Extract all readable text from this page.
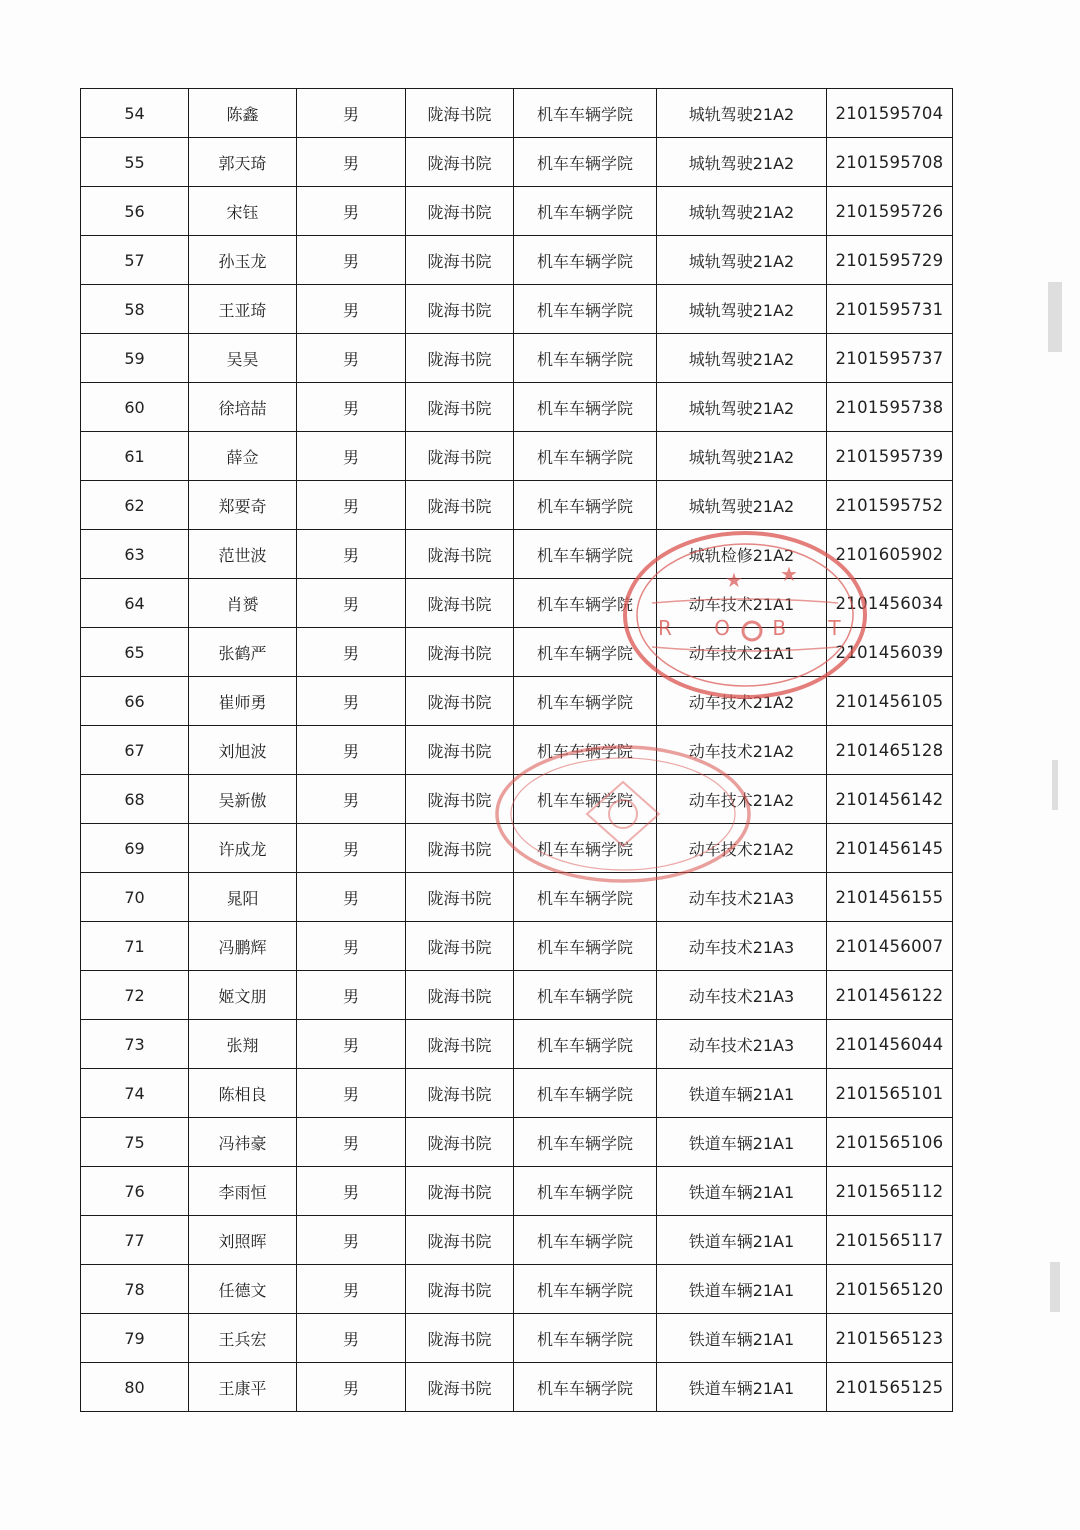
54	陈鑫	男	陇海书院	机车车辆学院	城轨驾驶21A2	2101595704
55	郭天琦	男	陇海书院	机车车辆学院	城轨驾驶21A2	2101595708
56	宋钰	男	陇海书院	机车车辆学院	城轨驾驶21A2	2101595726
57	孙玉龙	男	陇海书院	机车车辆学院	城轨驾驶21A2	2101595729
58	王亚琦	男	陇海书院	机车车辆学院	城轨驾驶21A2	2101595731
59	吴昊	男	陇海书院	机车车辆学院	城轨驾驶21A2	2101595737
60	徐培喆	男	陇海书院	机车车辆学院	城轨驾驶21A2	2101595738
61	薛佥	男	陇海书院	机车车辆学院	城轨驾驶21A2	2101595739
62	郑要奇	男	陇海书院	机车车辆学院	城轨驾驶21A2	2101595752
63	范世波	男	陇海书院	机车车辆学院	城轨检修21A2	2101605902
64	肖赟	男	陇海书院	机车车辆学院	动车技术21A1	2101456034
65	张鹤严	男	陇海书院	机车车辆学院	动车技术21A1	2101456039
66	崔师勇	男	陇海书院	机车车辆学院	动车技术21A2	2101456105
67	刘旭波	男	陇海书院	机车车辆学院	动车技术21A2	2101465128
68	吴新傲	男	陇海书院	机车车辆学院	动车技术21A2	2101456142
69	许成龙	男	陇海书院	机车车辆学院	动车技术21A2	2101456145
70	晁阳	男	陇海书院	机车车辆学院	动车技术21A3	2101456155
71	冯鹏辉	男	陇海书院	机车车辆学院	动车技术21A3	2101456007
72	姬文朋	男	陇海书院	机车车辆学院	动车技术21A3	2101456122
73	张翔	男	陇海书院	机车车辆学院	动车技术21A3	2101456044
74	陈相良	男	陇海书院	机车车辆学院	铁道车辆21A1	2101565101
75	冯祎豪	男	陇海书院	机车车辆学院	铁道车辆21A1	2101565106
76	李雨恒	男	陇海书院	机车车辆学院	铁道车辆21A1	2101565112
77	刘照晖	男	陇海书院	机车车辆学院	铁道车辆21A1	2101565117
78	任德文	男	陇海书院	机车车辆学院	铁道车辆21A1	2101565120
79	王兵宏	男	陇海书院	机车车辆学院	铁道车辆21A1	2101565123
80	王康平	男	陇海书院	机车车辆学院	铁道车辆21A1	2101565125
R O B T
★ ★
